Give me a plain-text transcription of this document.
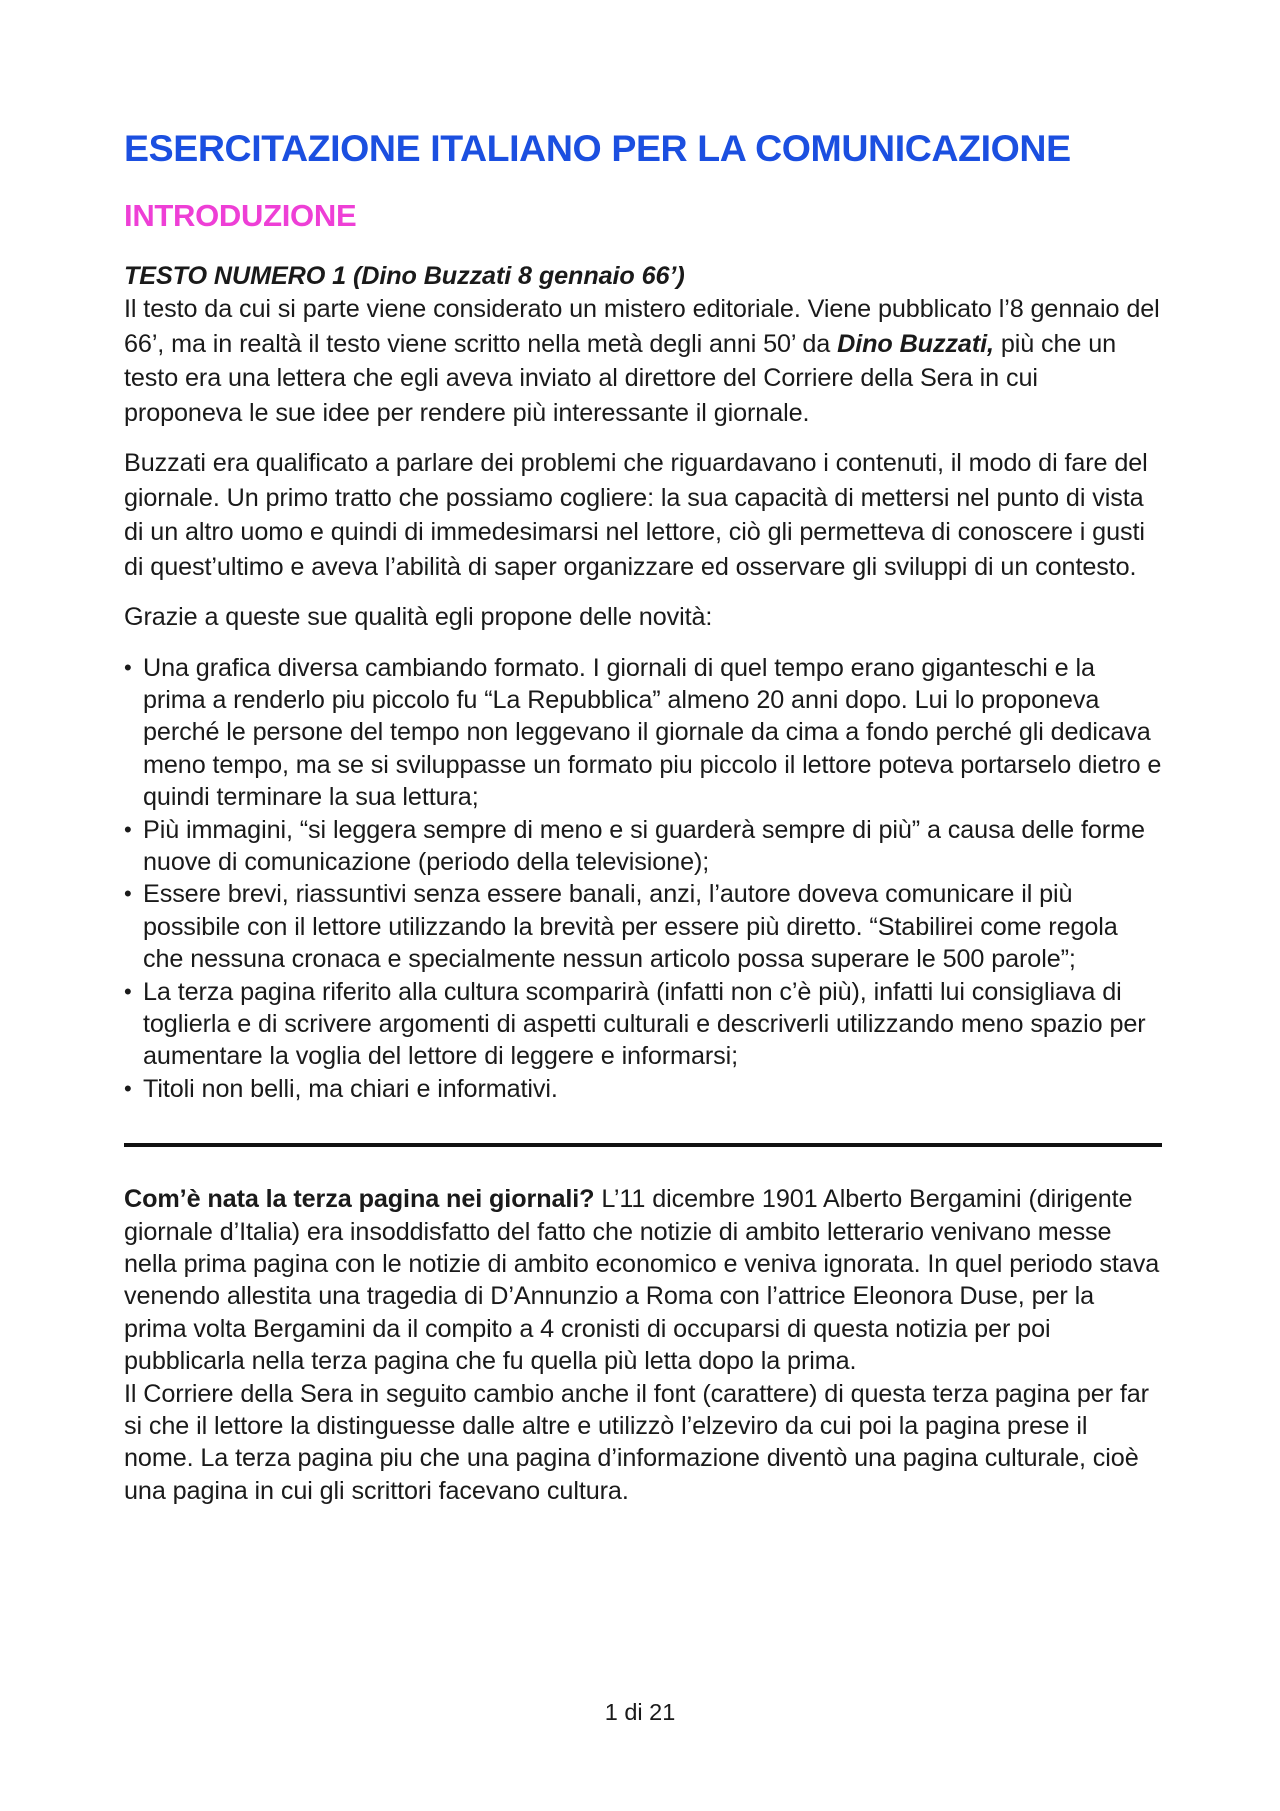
ESERCITAZIONE ITALIANO PER LA COMUNICAZIONE
INTRODUZIONE

TESTO NUMERO 1 (Dino Buzzati 8 gennaio 66’)

Il testo da cui si parte viene considerato un mistero editoriale. Viene pubblicato l’8 gennaio del 66’, ma in realtà il testo viene scritto nella metà degli anni 50’ da Dino Buzzati, più che un testo era una lettera che egli aveva inviato al direttore del Corriere della Sera in cui proponeva le sue idee per rendere più interessante il giornale.

Buzzati era qualificato a parlare dei problemi che riguardavano i contenuti, il modo di fare del giornale. Un primo tratto che possiamo cogliere: la sua capacità di mettersi nel punto di vista di un altro uomo e quindi di immedesimarsi nel lettore, ciò gli permetteva di conoscere i gusti di quest’ultimo e aveva l’abilità di saper organizzare ed osservare gli sviluppi di un contesto.

Grazie a queste sue qualità egli propone delle novità:

• Una grafica diversa cambiando formato. I giornali di quel tempo erano giganteschi e la prima a renderlo piu piccolo fu “La Repubblica” almeno 20 anni dopo. Lui lo proponeva perché le persone del tempo non leggevano il giornale da cima a fondo perché gli dedicava meno tempo, ma se si sviluppasse un formato piu piccolo il lettore poteva portarselo dietro e quindi terminare la sua lettura;
• Più immagini, “si leggera sempre di meno e si guarderà sempre di più” a causa delle forme nuove di comunicazione (periodo della televisione);
• Essere brevi, riassuntivi senza essere banali, anzi, l’autore doveva comunicare il più possibile con il lettore utilizzando la brevità per essere più diretto. “Stabilirei come regola che nessuna cronaca e specialmente nessun articolo possa superare le 500 parole”;
• La terza pagina riferito alla cultura scomparirà (infatti non c’è più), infatti lui consigliava di toglierla e di scrivere argomenti di aspetti culturali e descriverli utilizzando meno spazio per aumentare la voglia del lettore di leggere e informarsi;
• Titoli non belli, ma chiari e informativi.

Com’è nata la terza pagina nei giornali? L’11 dicembre 1901 Alberto Bergamini (dirigente giornale d’Italia) era insoddisfatto del fatto che notizie di ambito letterario venivano messe nella prima pagina con le notizie di ambito economico e veniva ignorata. In quel periodo stava venendo allestita una tragedia di D’Annunzio a Roma con l’attrice Eleonora Duse, per la prima volta Bergamini da il compito a 4 cronisti di occuparsi di questa notizia per poi pubblicarla nella terza pagina che fu quella più letta dopo la prima.

Il Corriere della Sera in seguito cambio anche il font (carattere) di questa terza pagina per far si che il lettore la distinguesse dalle altre e utilizzò l’elzeviro da cui poi la pagina prese il nome. La terza pagina piu che una pagina d’informazione diventò una pagina culturale, cioè una pagina in cui gli scrittori facevano cultura.

1 di 21
